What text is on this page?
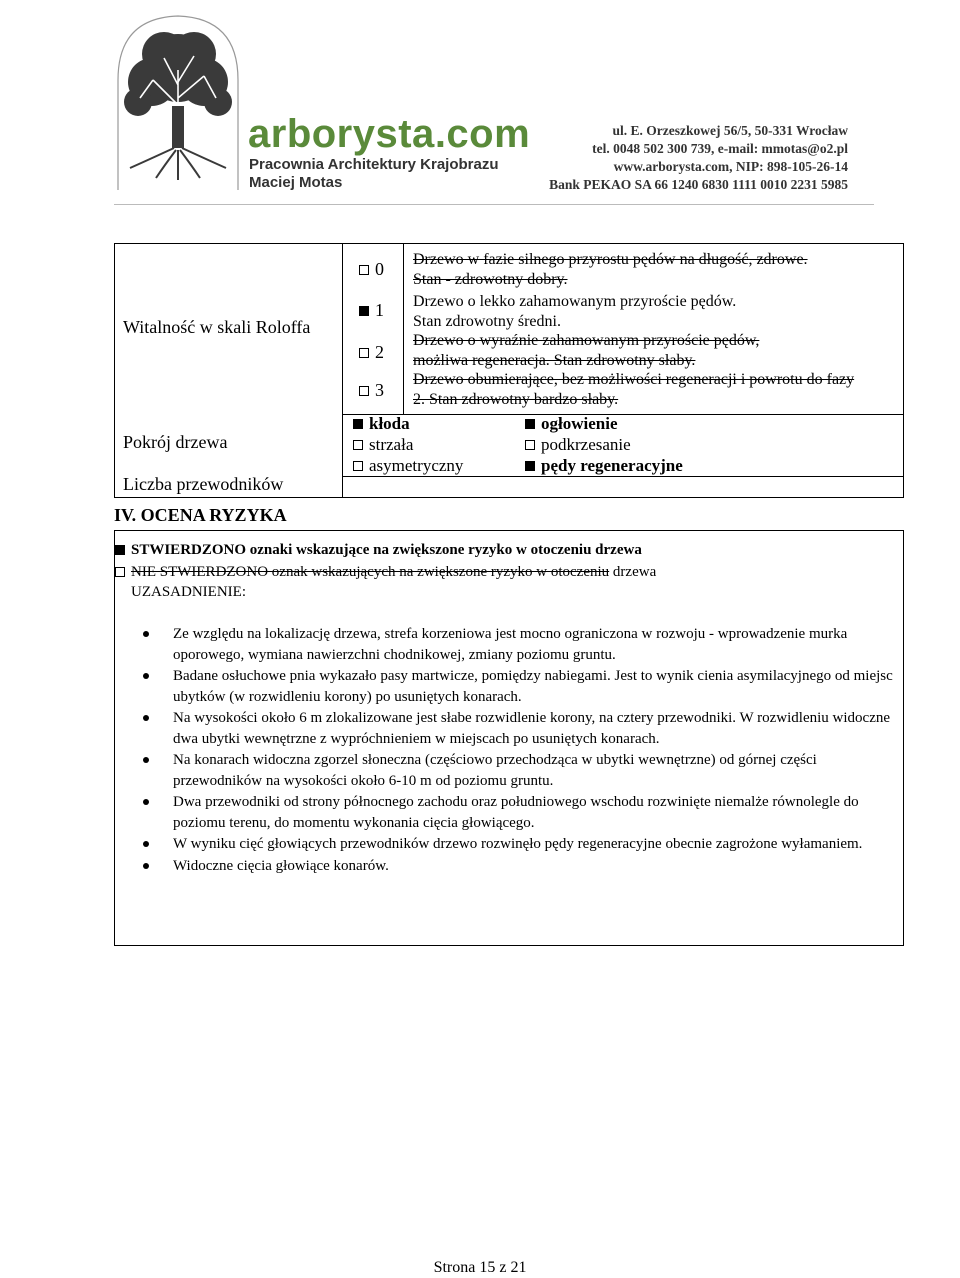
arborysta.com
Pracownia Architektury Krajobrazu
Maciej Motas
ul. E. Orzeszkowej 56/5, 50-331 Wrocław
tel. 0048 502 300 739, e-mail: mmotas@o2.pl
www.arborysta.com, NIP: 898-105-26-14
Bank PEKAO SA 66 1240 6830 1111 0010 2231 5985
Witalność w skali Roloffa
Pokrój drzewa
Liczba przewodników
0 Drzewo w fazie silnego przyrostu pędów na długość, zdrowe.
Stan - zdrowotny dobry.
1 Drzewo o lekko zahamowanym przyroście pędów.
Stan zdrowotny średni.
2
Drzewo o wyraźnie zahamowanym przyroście pędów,
możliwa regeneracja. Stan zdrowotny słaby.
3
Drzewo obumierające, bez możliwości regeneracji i powrotu do fazy
2. Stan zdrowotny bardzo słaby.
kłoda
strzała
asymetryczny
ogłowienie
podkrzesanie
pędy regeneracyjne
IV. OCENA RYZYKA
STWIERDZONO oznaki wskazujące na zwiększone ryzyko w otoczeniu drzewa
NIE STWIERDZONO oznak wskazujących na zwiększone ryzyko w otoczeniu drzewa
UZASADNIENIE:
Ze względu na lokalizację drzewa, strefa korzeniowa jest mocno ograniczona w rozwoju - wprowadzenie murka oporowego, wymiana nawierzchni chodnikowej, zmiany poziomu gruntu.
Badane osłuchowe pnia wykazało pasy martwicze, pomiędzy nabiegami. Jest to wynik cienia asymilacyjnego od miejsc ubytków (w rozwidleniu korony) po usuniętych konarach.
Na wysokości około 6 m zlokalizowane jest słabe rozwidlenie korony, na cztery przewodniki. W rozwidleniu widoczne dwa ubytki wewnętrzne z wypróchnieniem w miejscach po usuniętych konarach.
Na konarach widoczna zgorzel słoneczna (częściowo przechodząca w ubytki wewnętrzne) od górnej części przewodników na wysokości około 6-10 m od poziomu gruntu.
Dwa przewodniki od strony północnego zachodu oraz południowego wschodu rozwinięte niemalże równolegle do poziomu terenu, do momentu wykonania cięcia głowiącego.
W wyniku cięć głowiących przewodników drzewo rozwinęło pędy regeneracyjne obecnie zagrożone wyłamaniem.
Widoczne cięcia głowiące konarów.
Strona 15 z 21
